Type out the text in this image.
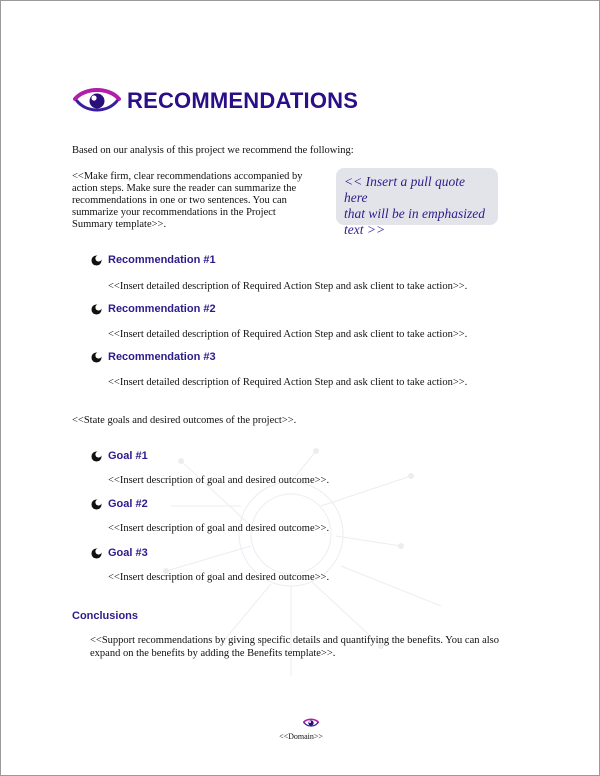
RECOMMENDATIONS
Based on our analysis of this project we recommend the following:
<<Make firm, clear recommendations accompanied by
action steps. Make sure the reader can summarize the
recommendations in one or two sentences. You can
summarize your recommendations in the Project
Summary template>>.
<< Insert a pull quote here
that will be in emphasized
text >>
Recommendation #1
<<Insert detailed description of Required Action Step and ask client to take action>>.
Recommendation #2
<<Insert detailed description of Required Action Step and ask client to take action>>.
Recommendation #3
<<Insert detailed description of Required Action Step and ask client to take action>>.
<<State goals and desired outcomes of the project>>.
Goal #1
<<Insert description of goal and desired outcome>>.
Goal #2
<<Insert description of goal and desired outcome>>.
Goal #3
<<Insert description of goal and desired outcome>>.
Conclusions
<<Support recommendations by giving specific details and quantifying the benefits. You can also
expand on the benefits by adding the Benefits template>>.
<<Domain>>
